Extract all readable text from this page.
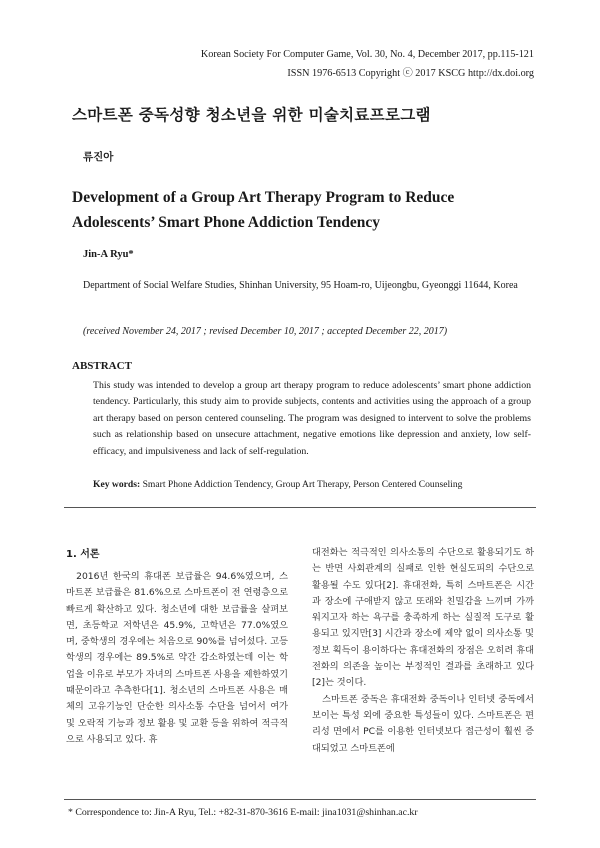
Korean Society For Computer Game, Vol. 30, No. 4, December 2017, pp.115-121
ISSN 1976-6513 Copyright ⓒ 2017 KSCG http://dx.doi.org
스마트폰 중독성향 청소년을 위한 미술치료프로그램
류진아
Development of a Group Art Therapy Program to Reduce Adolescents’ Smart Phone Addiction Tendency
Jin-A Ryu*
Department of Social Welfare Studies, Shinhan University, 95 Hoam-ro, Uijeongbu, Gyeonggi 11644, Korea
(received November 24, 2017 ; revised December 10, 2017 ; accepted December 22, 2017)
ABSTRACT
This study was intended to develop a group art therapy program to reduce adolescents’ smart phone addiction tendency. Particularly, this study aim to provide subjects, contents and activities using the approach of a group art therapy based on person centered counseling. The program was designed to intervent to solve the problems such as relationship based on unsecure attachment, negative emotions like depression and anxiety, low self-efficacy, and impulsiveness and lack of self-regulation.
Key words: Smart Phone Addiction Tendency, Group Art Therapy, Person Centered Counseling
1. 서론

2016년 한국의 휴대폰 보급률은 94.6%였으며, 스마트폰 보급률은 81.6%으로 스마트폰이 전 연령층으로 빠르게 확산하고 있다. 청소년에 대한 보급률을 살펴보면, 초등학교 저학년은 45.9%, 고학년은 77.0%였으며, 중학생의 경우에는 처음으로 90%를 넘어섰다. 고등학생의 경우에는 89.5%로 약간 감소하였는데 이는 학업을 이유로 부모가 자녀의 스마트폰 사용을 제한하였기 때문이라고 추측한다[1]. 청소년의 스마트폰 사용은 매체의 고유기능인 단순한 의사소통 수단을 넘어서 여가 및 오락적 기능과 정보 활용 및 교환 등을 위하여 적극적으로 사용되고 있다. 휴

대전화는 적극적인 의사소통의 수단으로 활용되기도 하는 반면 사회관계의 실패로 인한 현실도피의 수단으로 활용될 수도 있다[2]. 휴대전화, 특히 스마트폰은 시간과 장소에 구애받지 않고 또래와 친밀감을 느끼며 가까워지고자 하는 욕구를 충족하게 하는 실질적 도구로 활용되고 있지만[3] 시간과 장소에 제약 없이 의사소통 및 정보 획득이 용이하다는 휴대전화의 장점은 오히려 휴대전화의 의존을 높이는 부정적인 결과를 초래하고 있다[2]는 것이다.

스마트폰 중독은 휴대전화 중독이나 인터넷 중독에서 보이는 특성 외에 중요한 특성들이 있다. 스마트폰은 편리성 면에서 PC를 이용한 인터넷보다 접근성이 훨씬 증대되었고 스마트폰에

* Correspondence to: Jin-A Ryu, Tel.: +82-31-870-3616 E-mail: jina1031@shinhan.ac.kr
